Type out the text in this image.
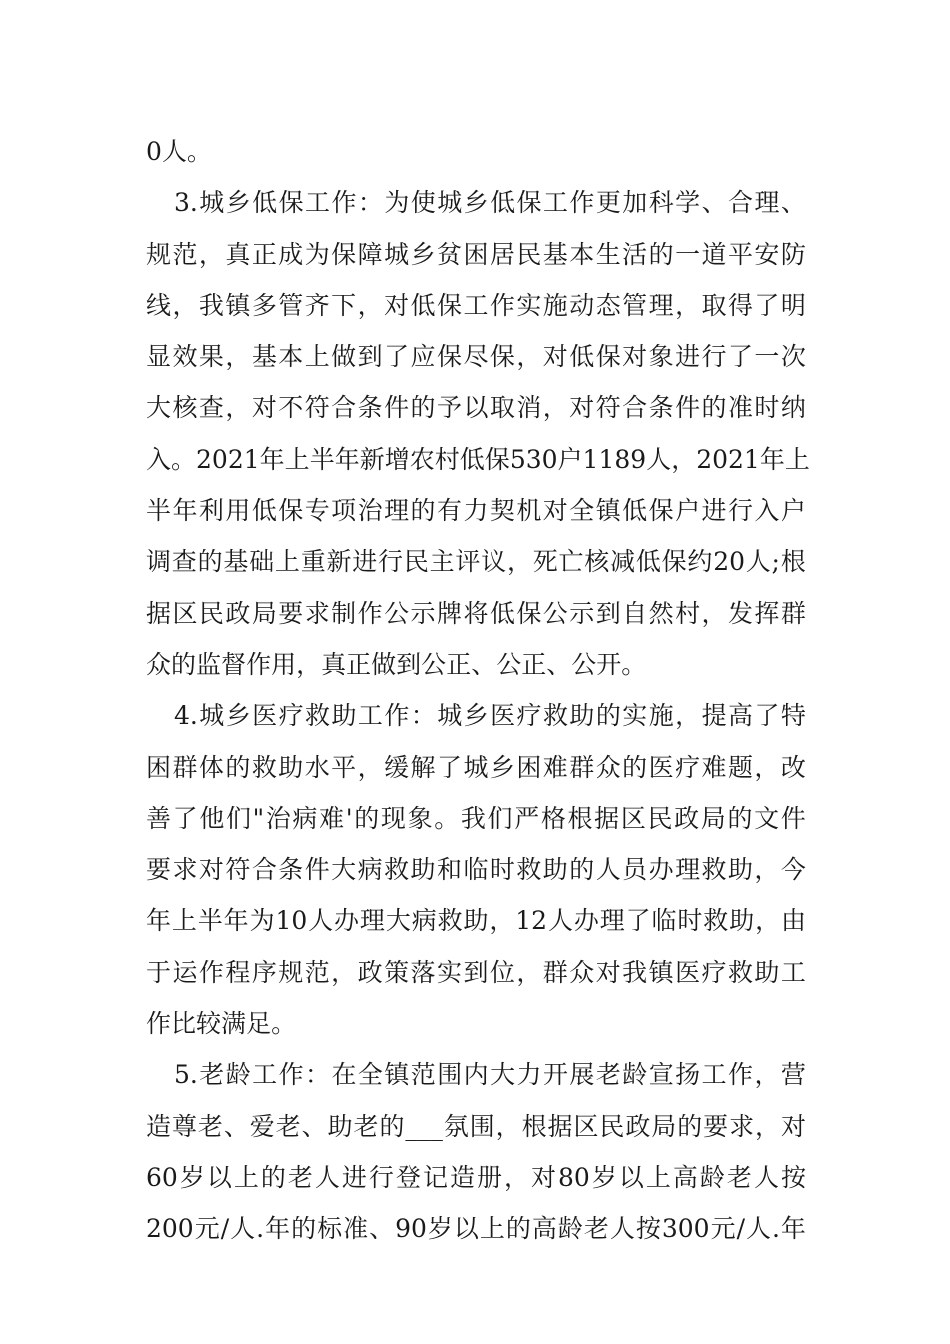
0 人 。
3. 城 乡 低 保 工 作 ： 为 使 城 乡 低 保 工 作 更 加 科 学 、 合 理 、
规 范 ， 真 正 成 为 保 障 城 乡 贫 困 居 民 基 本 生 活 的 一 道 平 安 防
线 ， 我 镇 多 管 齐 下 ， 对 低 保 工 作 实 施 动 态 管 理 ， 取 得 了 明
显 效 果 ， 基 本 上 做 到 了 应 保 尽 保 ， 对 低 保 对 象 进 行 了 一 次
大 核 查 ， 对 不 符 合 条 件 的 予 以 取 消 ， 对 符 合 条 件 的 准 时 纳
入 。 2021 年 上 半 年 新 增 农 村 低 保 530 户 1189 人 ， 2021 年 上
半 年 利 用 低 保 专 项 治 理 的 有 力 契 机 对 全 镇 低 保 户 进 行 入 户
调 查 的 基 础 上 重 新 进 行 民 主 评 议 ， 死 亡 核 减 低 保 约 20 人 ; 根
据 区 民 政 局 要 求 制 作 公 示 牌 将 低 保 公 示 到 自 然 村 ， 发 挥 群
众 的 监 督 作 用 ， 真 正 做 到 公 正 、 公 正 、 公 开 。
4. 城 乡 医 疗 救 助 工 作 ： 城 乡 医 疗 救 助 的 实 施 ， 提 高 了 特
困 群 体 的 救 助 水 平 ， 缓 解 了 城 乡 困 难 群 众 的 医 疗 难 题 ， 改
善 了 他 们 " 治 病 难 ' 的 现 象 。 我 们 严 格 根 据 区 民 政 局 的 文 件
要 求 对 符 合 条 件 大 病 救 助 和 临 时 救 助 的 人 员 办 理 救 助 ， 今
年 上 半 年 为 10 人 办 理 大 病 救 助 ， 12 人 办 理 了 临 时 救 助 ， 由
于 运 作 程 序 规 范 ， 政 策 落 实 到 位 ， 群 众 对 我 镇 医 疗 救 助 工
作 比 较 满 足 。
5. 老 龄 工 作 ： 在 全 镇 范 围 内 大 力 开 展 老 龄 宣 扬 工 作 ， 营
造 尊 老 、 爱 老 、 助 老 的 ___ 氛 围 ， 根 据 区 民 政 局 的 要 求 ， 对
60 岁 以 上 的 老 人 进 行 登 记 造 册 ， 对 80 岁 以 上 高 龄 老 人 按
200 元 / 人 . 年 的 标 准 、 90 岁 以 上 的 高 龄 老 人 按 300 元 / 人 . 年
